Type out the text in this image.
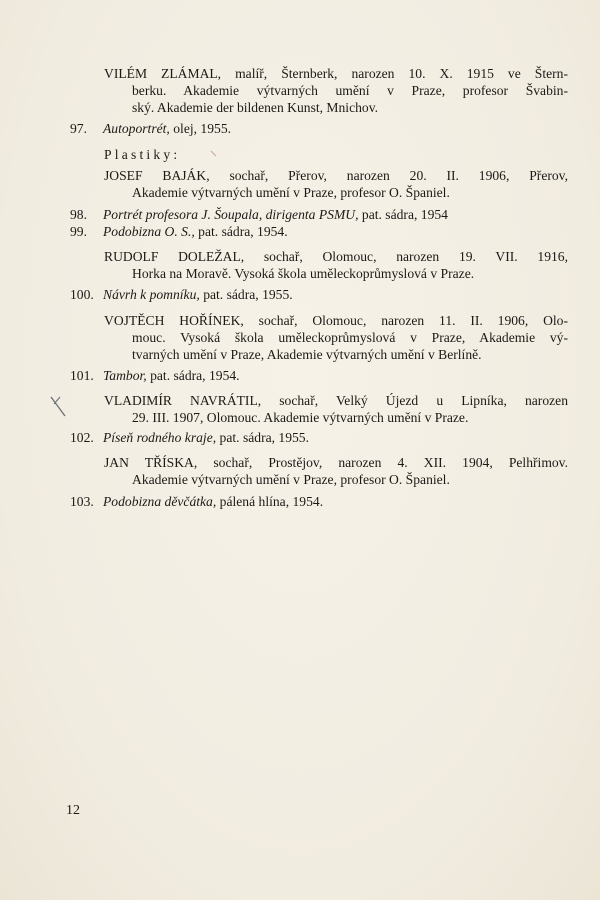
VILÉM ZLÁMAL, malíř, Šternberk, narozen 10. X. 1915 ve Štern-
berku. Akademie výtvarných umění v Praze, profesor Švabin-
ský. Akademie der bildenen Kunst, Mnichov.
97. Autoportrét, olej, 1955.
Plastiky:
JOSEF BAJÁK, sochař, Přerov, narozen 20. II. 1906, Přerov,
Akademie výtvarných umění v Praze, profesor O. Španiel.
98. Portrét profesora J. Šoupala, dirigenta PSMU, pat. sádra, 1954
99. Podobizna O. S., pat. sádra, 1954.
RUDOLF DOLEŽAL, sochař, Olomouc, narozen 19. VII. 1916,
Horka na Moravě. Vysoká škola uměleckoprůmyslová v Praze.
100. Návrh k pomníku, pat. sádra, 1955.
VOJTĚCH HOŘÍNEK, sochař, Olomouc, narozen 11. II. 1906, Olo-
mouc. Vysoká škola uměleckoprůmyslová v Praze, Akademie vý-
tvarných umění v Praze, Akademie výtvarných umění v Berlíně.
101. Tambor, pat. sádra, 1954.
VLADIMÍR NAVRÁTIL, sochař, Velký Újezd u Lipníka, narozen
29. III. 1907, Olomouc. Akademie výtvarných umění v Praze.
102. Píseň rodného kraje, pat. sádra, 1955.
JAN TŘÍSKA, sochař, Prostějov, narozen 4. XII. 1904, Pelhřimov.
Akademie výtvarných umění v Praze, profesor O. Španiel.
103. Podobizna děvčátka, pálená hlína, 1954.
12
